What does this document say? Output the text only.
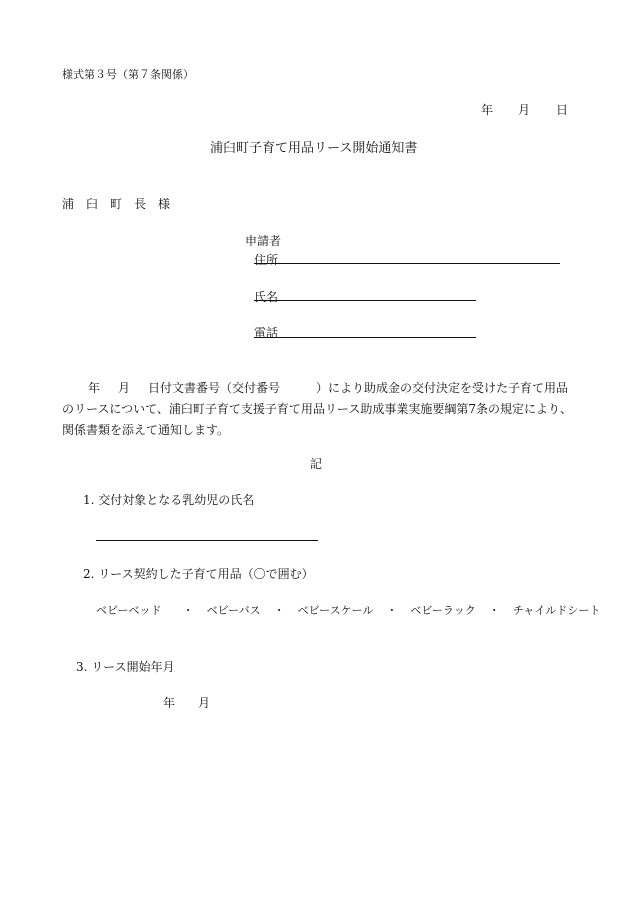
様式第３号（第７条関係）
年 月 日
浦臼町子育て用品リース開始通知書
浦 臼 町 長 様
申請者
住所
氏名
電話
年 月 日付文書番号（交付番号	）により助成金の交付決定を受けた子育て用品のリースについて、浦臼町子育て支援子育て用品リース助成事業実施要綱第7条の規定により、関係書類を添えて通知します。
記
1. 交付対象となる乳幼児の氏名
2. リース契約した子育て用品（〇で囲む）
ベビーベッド ・ ベビーバス ・ ベビースケール ・ ベビーラック ・ チャイルドシート
3. リース開始年月
年 月
